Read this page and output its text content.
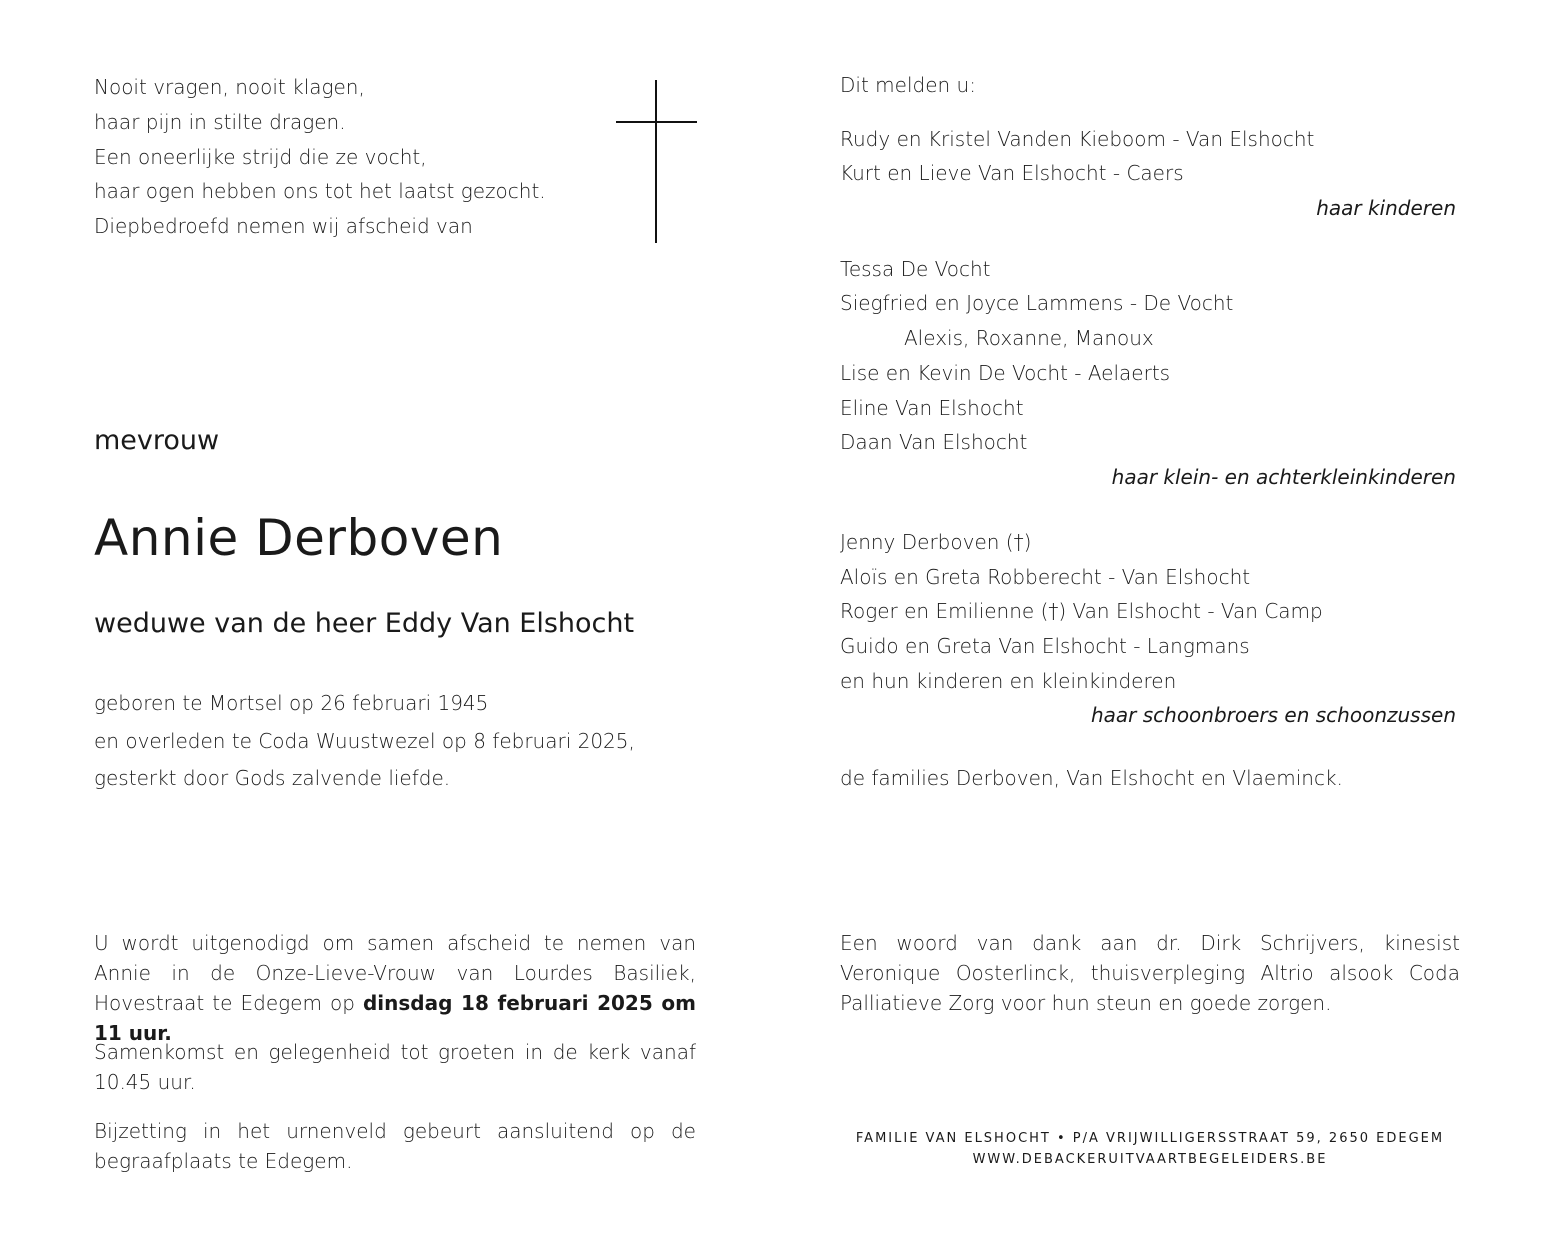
Nooit vragen, nooit klagen,
haar pijn in stilte dragen.
Een oneerlijke strijd die ze vocht,
haar ogen hebben ons tot het laatst gezocht.
Diepbedroefd nemen wij afscheid van
mevrouw
Annie Derboven
weduwe van de heer Eddy Van Elshocht
geboren te Mortsel op 26 februari 1945
en overleden te Coda Wuustwezel op 8 februari 2025,
gesterkt door Gods zalvende liefde.
U wordt uitgenodigd om samen afscheid te nemen van Annie in de Onze-Lieve-Vrouw van Lourdes Basiliek, Hovestraat te Edegem op dinsdag 18 februari 2025 om 11 uur.
Samenkomst en gelegenheid tot groeten in de kerk vanaf 10.45 uur.
Bijzetting in het urnenveld gebeurt aansluitend op de begraafplaats te Edegem.
Dit melden u:
Rudy en Kristel Vanden Kieboom - Van Elshocht
Kurt en Lieve Van Elshocht - Caers
haar kinderen
Tessa De Vocht
Siegfried en Joyce Lammens - De Vocht
Alexis, Roxanne, Manoux
Lise en Kevin De Vocht - Aelaerts
Eline Van Elshocht
Daan Van Elshocht
haar klein- en achterkleinkinderen
Jenny Derboven (†)
Aloïs en Greta Robberecht - Van Elshocht
Roger en Emilienne (†) Van Elshocht - Van Camp
Guido en Greta Van Elshocht - Langmans
en hun kinderen en kleinkinderen
haar schoonbroers en schoonzussen
de families Derboven, Van Elshocht en Vlaeminck.
Een woord van dank aan dr. Dirk Schrijvers, kinesist Veronique Oosterlinck, thuisverpleging Altrio alsook Coda Palliatieve Zorg voor hun steun en goede zorgen.
FAMILIE VAN ELSHOCHT • P/A VRIJWILLIGERSSTRAAT 59, 2650 EDEGEM
WWW.DEBACKERUITVAARTBEGELEIDERS.BE
